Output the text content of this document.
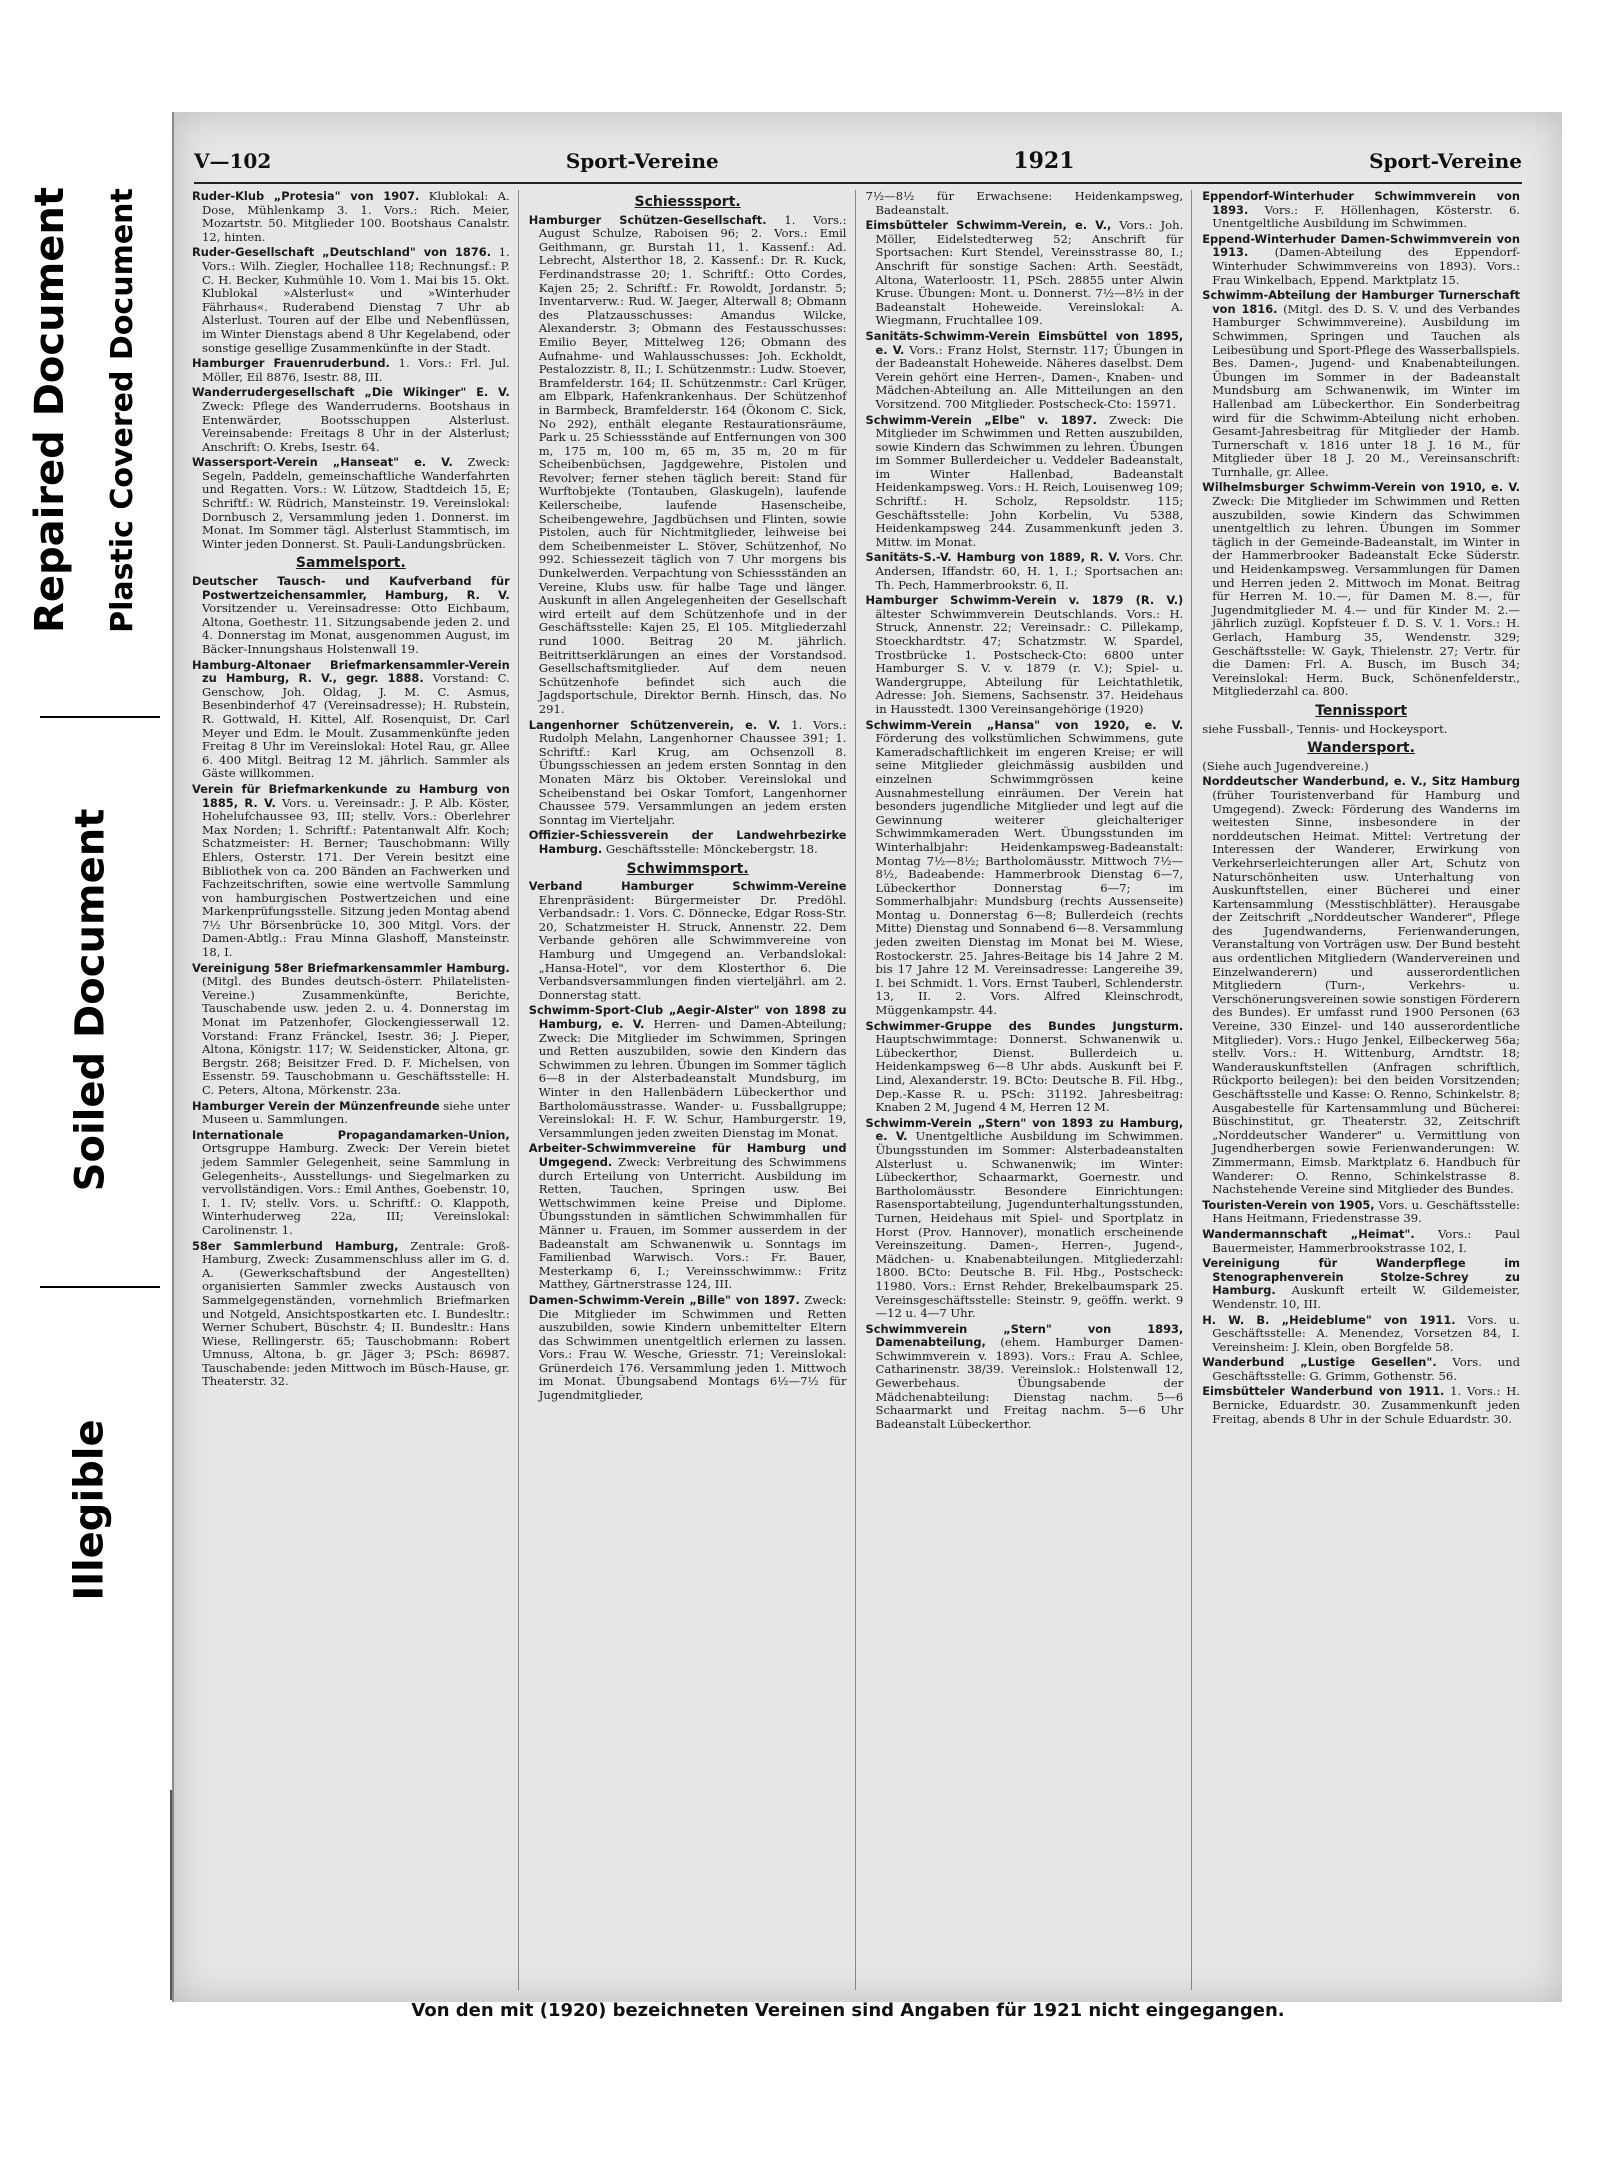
Repaired Document Plastic Covered Document
Soiled Document
Illegible
V—102	Sport-Vereine	1921	Sport-Vereine

Ruder-Klub „Protesia" von 1907. Klublokal: A. Dose, Mühlenkamp 3. 1. Vors.: Rich. Meier, Mozartstr. 50. Mitglieder 100. Bootshaus Canalstr. 12, hinten.

Ruder-Gesellschaft „Deutschland" von 1876. 1. Vors.: Wilh. Ziegler, Hochallee 118; Rechnungsf.: P. C. H. Becker, Kuhmühle 10. Vom 1. Mai bis 15. Okt. Klublokal »Alsterlust« und »Winterhuder Fährhaus«. Ruderabend Dienstag 7 Uhr ab Alsterlust. Touren auf der Elbe und Nebenflüssen, im Winter Dienstags abend 8 Uhr Kegelabend, oder sonstige gesellige Zusammenkünfte in der Stadt.

Hamburger Frauenruderbund. 1. Vors.: Frl. Jul. Möller, Eil 8876, Isestr. 88, III.

Wanderrudergesellschaft „Die Wikinger" E. V. Zweck: Pflege des Wanderruderns. Bootshaus in Entenwärder, Bootsschuppen Alsterlust. Vereinsabende: Freitags 8 Uhr in der Alsterlust; Anschrift: O. Krebs, Isestr. 64.

Wassersport-Verein „Hanseat" e. V. Zweck: Segeln, Paddeln, gemeinschaftliche Wanderfahrten und Regatten. Vors.: W. Lützow, Stadtdeich 15, E; Schriftf.: W. Rüdrich, Mansteinstr. 19. Vereinslokal: Dornbusch 2, Versammlung jeden 1. Donnerst. im Monat. Im Sommer tägl. Alsterlust Stammtisch, im Winter jeden Donnerst. St. Pauli-Landungsbrücken.

Sammelsport.

Deutscher Tausch- und Kaufverband für Postwertzeichensammler, Hamburg, R. V. Vorsitzender u. Vereinsadresse: Otto Eichbaum, Altona, Goethestr. 11. Sitzungsabende jeden 2. und 4. Donnerstag im Monat, ausgenommen August, im Bäcker-Innungshaus Holstenwall 19.

Hamburg-Altonaer Briefmarkensammler-Verein zu Hamburg, R. V., gegr. 1888. Vorstand: C. Genschow, Joh. Oldag, J. M. C. Asmus, Besenbinderhof 47 (Vereinsadresse); H. Rubstein, R. Gottwald, H. Kittel, Alf. Rosenquist, Dr. Carl Meyer und Edm. le Moult. Zusammenkünfte jeden Freitag 8 Uhr im Vereinslokal: Hotel Rau, gr. Allee 6. 400 Mitgl. Beitrag 12 M. jährlich. Sammler als Gäste willkommen.

Verein für Briefmarkenkunde zu Hamburg von 1885, R. V. Vors. u. Vereinsadr.: J. P. Alb. Köster, Hohelufchaussee 93, III; stellv. Vors.: Oberlehrer Max Norden; 1. Schriftf.: Patentanwalt Alfr. Koch; Schatzmeister: H. Berner; Tauschobmann: Willy Ehlers, Osterstr. 171. Der Verein besitzt eine Bibliothek von ca. 200 Bänden an Fachwerken und Fachzeitschriften, sowie eine wertvolle Sammlung von hamburgischen Postwertzeichen und eine Markenprüfungsstelle. Sitzung jeden Montag abend 7½ Uhr Börsenbrücke 10, 300 Mitgl. Vors. der Damen-Abtlg.: Frau Minna Glashoff, Mansteinstr. 18, I.

Vereinigung 58er Briefmarkensammler Hamburg. (Mitgl. des Bundes deutsch-österr. Philatelisten-Vereine.) Zusammenkünfte, Berichte, Tauschabende usw. jeden 2. u. 4. Donnerstag im Monat im Patzenhofer, Glockengiesserwall 12. Vorstand: Franz Fränckel, Isestr. 36; J. Pieper, Altona, Königstr. 117; W. Seidensticker, Altona, gr. Bergstr. 268; Beisitzer Fred. D. F. Michelsen, von Essenstr. 59. Tauschobmann u. Geschäftsstelle: H. C. Peters, Altona, Mörkenstr. 23a.

Hamburger Verein der Münzenfreunde siehe unter Museen u. Sammlungen.

Internationale Propagandamarken-Union, Ortsgruppe Hamburg. Zweck: Der Verein bietet jedem Sammler Gelegenheit, seine Sammlung in Gelegenheits-, Ausstellungs- und Siegelmarken zu vervollständigen. Vors.: Emil Anthes, Goebenstr. 10, I. 1. IV; stellv. Vors. u. Schriftf.: O. Klappoth, Winterhuderweg 22a, III; Vereinslokal: Carolinenstr. 1.

58er Sammlerbund Hamburg, Zentrale: Groß-Hamburg, Zweck: Zusammenschluss aller im G. d. A. (Gewerkschaftsbund der Angestellten) organisierten Sammler zwecks Austausch von Sammelgegenständen, vornehmlich Briefmarken und Notgeld, Ansichtspostkarten etc. I. Bundesltr.: Werner Schubert, Büschstr. 4; II. Bundesltr.: Hans Wiese, Rellingerstr. 65; Tauschobmann: Robert Umnuss, Altona, b. gr. Jäger 3; PSch: 86987. Tauschabende: jeden Mittwoch im Büsch-Hause, gr. Theaterstr. 32.

Schiesssport.

Hamburger Schützen-Gesellschaft. 1. Vors.: August Schulze, Raboisen 96; 2. Vors.: Emil Geithmann, gr. Burstah 11, 1. Kassenf.: Ad. Lebrecht, Alsterthor 18, 2. Kassenf.: Dr. R. Kuck, Ferdinandstrasse 20; 1. Schriftf.: Otto Cordes, Kajen 25; 2. Schriftf.: Fr. Rowoldt, Jordanstr. 5; Inventarverw.: Rud. W. Jaeger, Alterwall 8; Obmann des Platzausschusses: Amandus Wilcke, Alexanderstr. 3; Obmann des Festausschusses: Emilio Beyer, Mittelweg 126; Obmann des Aufnahme- und Wahlausschusses: Joh. Eckholdt, Pestalozzistr. 8, II.; I. Schützenmstr.: Ludw. Stoever, Bramfelderstr. 164; II. Schützenmstr.: Carl Krüger, am Elbpark, Hafenkrankenhaus. Der Schützenhof in Barmbeck, Bramfelderstr. 164 (Ökonom C. Sick, No 292), enthält elegante Restaurationsräume, Park u. 25 Schiessstände auf Entfernungen von 300 m, 175 m, 100 m, 65 m, 35 m, 20 m für Scheibenbüchsen, Jagdgewehre, Pistolen und Revolver; ferner stehen täglich bereit: Stand für Wurftobjekte (Tontauben, Glaskugeln), laufende Keilerscheibe, laufende Hasenscheibe, Scheibengewehre, Jagdbüchsen und Flinten, sowie Pistolen, auch für Nichtmitglieder, leihweise bei dem Scheibenmeister L. Stöver, Schützenhof, No 992. Schiessezeit täglich von 7 Uhr morgens bis Dunkelwerden. Verpachtung von Schiessständen an Vereine, Klubs usw. für halbe Tage und länger. Auskunft in allen Angelegenheiten der Gesellschaft wird erteilt auf dem Schützenhofe und in der Geschäftsstelle: Kajen 25, El 105. Mitgliederzahl rund 1000. Beitrag 20 M. jährlich. Beitrittserklärungen an eines der Vorstandsod. Gesellschaftsmitglieder. Auf dem neuen Schützenhofe befindet sich auch die Jagdsportschule, Direktor Bernh. Hinsch, das. No 291.

Langenhorner Schützenverein, e. V. 1. Vors.: Rudolph Melahn, Langenhorner Chaussee 391; 1. Schriftf.: Karl Krug, am Ochsenzoll 8. Übungsschiessen an jedem ersten Sonntag in den Monaten März bis Oktober. Vereinslokal und Scheibenstand bei Oskar Tomfort, Langenhorner Chaussee 579. Versammlungen an jedem ersten Sonntag im Vierteljahr.

Offizier-Schiessverein der Landwehrbezirke Hamburg. Geschäftsstelle: Mönckebergstr. 18.

Schwimmsport.

Verband Hamburger Schwimm-Vereine Ehrenpräsident: Bürgermeister Dr. Predöhl. Verbandsadr.: 1. Vors. C. Dönnecke, Edgar Ross-Str. 20, Schatzmeister H. Struck, Annenstr. 22. Dem Verbande gehören alle Schwimmvereine von Hamburg und Umgegend an. Verbandslokal: „Hansa-Hotel", vor dem Klosterthor 6. Die Verbandsversammlungen finden vierteljährl. am 2. Donnerstag statt.

Schwimm-Sport-Club „Aegir-Alster" von 1898 zu Hamburg, e. V. Herren- und Damen-Abteilung; Zweck: Die Mitglieder im Schwimmen, Springen und Retten auszubilden, sowie den Kindern das Schwimmen zu lehren. Übungen im Sommer täglich 6—8 in der Alsterbadeanstalt Mundsburg, im Winter in den Hallenbädern Lübeckerthor und Bartholomäusstrasse. Wander- u. Fussballgruppe; Vereinslokal: H. F. W. Schur, Hamburgerstr. 19, Versammlungen jeden zweiten Dienstag im Monat.

Arbeiter-Schwimmvereine für Hamburg und Umgegend. Zweck: Verbreitung des Schwimmens durch Erteilung von Unterricht. Ausbildung im Retten, Tauchen, Springen usw. Bei Wettschwimmen keine Preise und Diplome. Übungsstunden in sämtlichen Schwimmhallen für Männer u. Frauen, im Sommer ausserdem in der Badeanstalt am Schwanenwik u. Sonntags im Familienbad Warwisch. Vors.: Fr. Bauer, Mesterkamp 6, I.; Vereinsschwimmw.: Fritz Matthey, Gärtnerstrasse 124, III.

Damen-Schwimm-Verein „Bille" von 1897. Zweck: Die Mitglieder im Schwimmen und Retten auszubilden, sowie Kindern unbemittelter Eltern das Schwimmen unentgeltlich erlernen zu lassen. Vors.: Frau W. Wesche, Griesstr. 71; Vereinslokal: Grünerdeich 176. Versammlung jeden 1. Mittwoch im Monat. Übungsabend Montags 6½—7½ für Jugendmitglieder,

7½—8½ für Erwachsene: Heidenkampsweg, Badeanstalt.

Eimsbütteler Schwimm-Verein, e. V., Vors.: Joh. Möller, Eidelstedterweg 52; Anschrift für Sportsachen: Kurt Stendel, Vereinsstrasse 80, I.; Anschrift für sonstige Sachen: Arth. Seestädt, Altona, Waterloostr. 11, PSch. 28855 unter Alwin Kruse. Übungen: Mont. u. Donnerst. 7½—8½ in der Badeanstalt Hoheweide. Vereinslokal: A. Wiegmann, Fruchtallee 109.

Sanitäts-Schwimm-Verein Eimsbüttel von 1895, e. V. Vors.: Franz Holst, Sternstr. 117; Übungen in der Badeanstalt Hoheweide. Näheres daselbst. Dem Verein gehört eine Herren-, Damen-, Knaben- und Mädchen-Abteilung an. Alle Mitteilungen an den Vorsitzend. 700 Mitglieder. Postscheck-Cto: 15971.

Schwimm-Verein „Elbe" v. 1897. Zweck: Die Mitglieder im Schwimmen und Retten auszubilden, sowie Kindern das Schwimmen zu lehren. Übungen im Sommer Bullerdeicher u. Veddeler Badeanstalt, im Winter Hallenbad, Badeanstalt Heidenkampsweg. Vors.: H. Reich, Louisenweg 109; Schriftf.: H. Scholz, Repsoldstr. 115; Geschäftsstelle: John Korbelin, Vu 5388, Heidenkampsweg 244. Zusammenkunft jeden 3. Mittw. im Monat.

Sanitäts-S.-V. Hamburg von 1889, R. V. Vors. Chr. Andersen, Iffandstr. 60, H. 1, I.; Sportsachen an: Th. Pech, Hammerbrookstr. 6, II.

Hamburger Schwimm-Verein v. 1879 (R. V.) ältester Schwimmverein Deutschlands. Vors.: H. Struck, Annenstr. 22; Vereinsadr.: C. Pillekamp, Stoeckhardtstr. 47; Schatzmstr. W. Spardel, Trostbrücke 1. Postscheck-Cto: 6800 unter Hamburger S. V. v. 1879 (r. V.); Spiel- u. Wandergruppe, Abteilung für Leichtathletik, Adresse: Joh. Siemens, Sachsenstr. 37. Heidehaus in Hausstedt. 1300 Vereinsangehörige (1920)

Schwimm-Verein „Hansa" von 1920, e. V. Förderung des volkstümlichen Schwimmens, gute Kameradschaftlichkeit im engeren Kreise; er will seine Mitglieder gleichmässig ausbilden und einzelnen Schwimmgrössen keine Ausnahmestellung einräumen. Der Verein hat besonders jugendliche Mitglieder und legt auf die Gewinnung weiterer gleichalteriger Schwimmkameraden Wert. Übungsstunden im Winterhalbjahr: Heidenkampsweg-Badeanstalt: Montag 7½—8½; Bartholomäusstr. Mittwoch 7½—8½, Badeabende: Hammerbrook Dienstag 6—7, Lübeckerthor Donnerstag 6—7; im Sommerhalbjahr: Mundsburg (rechts Aussenseite) Montag u. Donnerstag 6—8; Bullerdeich (rechts Mitte) Dienstag und Sonnabend 6—8. Versammlung jeden zweiten Dienstag im Monat bei M. Wiese, Rostockerstr. 25. Jahres-Beitage bis 14 Jahre 2 M. bis 17 Jahre 12 M. Vereinsadresse: Langereihe 39, I. bei Schmidt. 1. Vors. Ernst Tauberl, Schlenderstr. 13, II. 2. Vors. Alfred Kleinschrodt, Müggenkampstr. 44.

Schwimmer-Gruppe des Bundes Jungsturm. Hauptschwimmtage: Donnerst. Schwanenwik u. Lübeckerthor, Dienst. Bullerdeich u. Heidenkampsweg 6—8 Uhr abds. Auskunft bei F. Lind, Alexanderstr. 19. BCto: Deutsche B. Fil. Hbg., Dep.-Kasse R. u. PSch: 31192. Jahresbeitrag: Knaben 2 M, Jugend 4 M, Herren 12 M.

Schwimm-Verein „Stern" von 1893 zu Hamburg, e. V. Unentgeltliche Ausbildung im Schwimmen. Übungsstunden im Sommer: Alsterbadeanstalten Alsterlust u. Schwanenwik; im Winter: Lübeckerthor, Schaarmarkt, Goernestr. und Bartholomäusstr. Besondere Einrichtungen: Rasensportabteilung, Jugendunterhaltungsstunden, Turnen, Heidehaus mit Spiel- und Sportplatz in Horst (Prov. Hannover), monatlich erscheinende Vereinszeitung. Damen-, Herren-, Jugend-, Mädchen- u. Knabenabteilungen. Mitgliederzahl: 1800. BCto: Deutsche B. Fil. Hbg., Postscheck: 11980. Vors.: Ernst Rehder, Brekelbaumspark 25. Vereinsgeschäftsstelle: Steinstr. 9, geöffn. werkt. 9—12 u. 4—7 Uhr.

Schwimmverein „Stern" von 1893, Damenabteilung, (ehem. Hamburger Damen-Schwimmverein v. 1893). Vors.: Frau A. Schlee, Catharinenstr. 38/39. Vereinslok.: Holstenwall 12, Gewerbehaus. Übungsabende der Mädchenabteilung: Dienstag nachm. 5—6 Schaarmarkt und Freitag nachm. 5—6 Uhr Badeanstalt Lübeckerthor.

Eppendorf-Winterhuder Schwimmverein von 1893. Vors.: F. Höllenhagen, Kösterstr. 6. Unentgeltliche Ausbildung im Schwimmen.

Eppend-Winterhuder Damen-Schwimmverein von 1913. (Damen-Abteilung des Eppendorf-Winterhuder Schwimmvereins von 1893). Vors.: Frau Winkelbach, Eppend. Marktplatz 15.

Schwimm-Abteilung der Hamburger Turnerschaft von 1816. (Mitgl. des D. S. V. und des Verbandes Hamburger Schwimmvereine). Ausbildung im Schwimmen, Springen und Tauchen als Leibesübung und Sport-Pflege des Wasserballspiels. Bes. Damen-, Jugend- und Knabenabteilungen. Übungen im Sommer in der Badeanstalt Mundsburg am Schwanenwik, im Winter im Hallenbad am Lübeckerthor. Ein Sonderbeitrag wird für die Schwimm-Abteilung nicht erhoben. Gesamt-Jahresbeitrag für Mitglieder der Hamb. Turnerschaft v. 1816 unter 18 J. 16 M., für Mitglieder über 18 J. 20 M., Vereinsanschrift: Turnhalle, gr. Allee.

Wilhelmsburger Schwimm-Verein von 1910, e. V. Zweck: Die Mitglieder im Schwimmen und Retten auszubilden, sowie Kindern das Schwimmen unentgeltlich zu lehren. Übungen im Sommer täglich in der Gemeinde-Badeanstalt, im Winter in der Hammerbrooker Badeanstalt Ecke Süderstr. und Heidenkampsweg. Versammlungen für Damen und Herren jeden 2. Mittwoch im Monat. Beitrag für Herren M. 10.—, für Damen M. 8.—, für Jugendmitglieder M. 4.— und für Kinder M. 2.— jährlich zuzügl. Kopfsteuer f. D. S. V. 1. Vors.: H. Gerlach, Hamburg 35, Wendenstr. 329; Geschäftsstelle: W. Gayk, Thielenstr. 27; Vertr. für die Damen: Frl. A. Busch, im Busch 34; Vereinslokal: Herm. Buck, Schönenfelderstr., Mitgliederzahl ca. 800.

Tennissport

siehe Fussball-, Tennis- und Hockeysport.

Wandersport.

(Siehe auch Jugendvereine.)

Norddeutscher Wanderbund, e. V., Sitz Hamburg (früher Touristenverband für Hamburg und Umgegend). Zweck: Förderung des Wanderns im weitesten Sinne, insbesondere in der norddeutschen Heimat. Mittel: Vertretung der Interessen der Wanderer, Erwirkung von Verkehrserleichterungen aller Art, Schutz von Naturschönheiten usw. Unterhaltung von Auskunftstellen, einer Bücherei und einer Kartensammlung (Messtischblätter). Herausgabe der Zeitschrift „Norddeutscher Wanderer", Pflege des Jugendwanderns, Ferienwanderungen, Veranstaltung von Vorträgen usw. Der Bund besteht aus ordentlichen Mitgliedern (Wandervereinen und Einzelwanderern) und ausserordentlichen Mitgliedern (Turn-, Verkehrs- u. Verschönerungsvereinen sowie sonstigen Förderern des Bundes). Er umfasst rund 1900 Personen (63 Vereine, 330 Einzel- und 140 ausserordentliche Mitglieder). Vors.: Hugo Jenkel, Eilbeckerweg 56a; stellv. Vors.: H. Wittenburg, Arndtstr. 18; Wanderauskunftstellen (Anfragen schriftlich, Rückporto beilegen): bei den beiden Vorsitzenden; Geschäftsstelle und Kasse: O. Renno, Schinkelstr. 8; Ausgabestelle für Kartensammlung und Bücherei: Büschinstitut, gr. Theaterstr. 32, Zeitschrift „Norddeutscher Wanderer" u. Vermittlung von Jugendherbergen sowie Ferienwanderungen: W. Zimmermann, Eimsb. Marktplatz 6. Handbuch für Wanderer: O. Renno, Schinkelstrasse 8. Nachstehende Vereine sind Mitglieder des Bundes.

Touristen-Verein von 1905, Vors. u. Geschäftsstelle: Hans Heitmann, Friedenstrasse 39.

Wandermannschaft „Heimat". Vors.: Paul Bauermeister, Hammerbrookstrasse 102, I.

Vereinigung für Wanderpflege im Stenographenverein Stolze-Schrey zu Hamburg. Auskunft erteilt W. Gildemeister, Wendenstr. 10, III.

H. W. B. „Heideblume" von 1911. Vors. u. Geschäftsstelle: A. Menendez, Vorsetzen 84, I. Vereinsheim: J. Klein, oben Borgfelde 58.

Wanderbund „Lustige Gesellen". Vors. und Geschäftsstelle: G. Grimm, Gothenstr. 56.

Eimsbütteler Wanderbund von 1911. 1. Vors.: H. Bernicke, Eduardstr. 30. Zusammenkunft jeden Freitag, abends 8 Uhr in der Schule Eduardstr. 30.

Von den mit (1920) bezeichneten Vereinen sind Angaben für 1921 nicht eingegangen.
